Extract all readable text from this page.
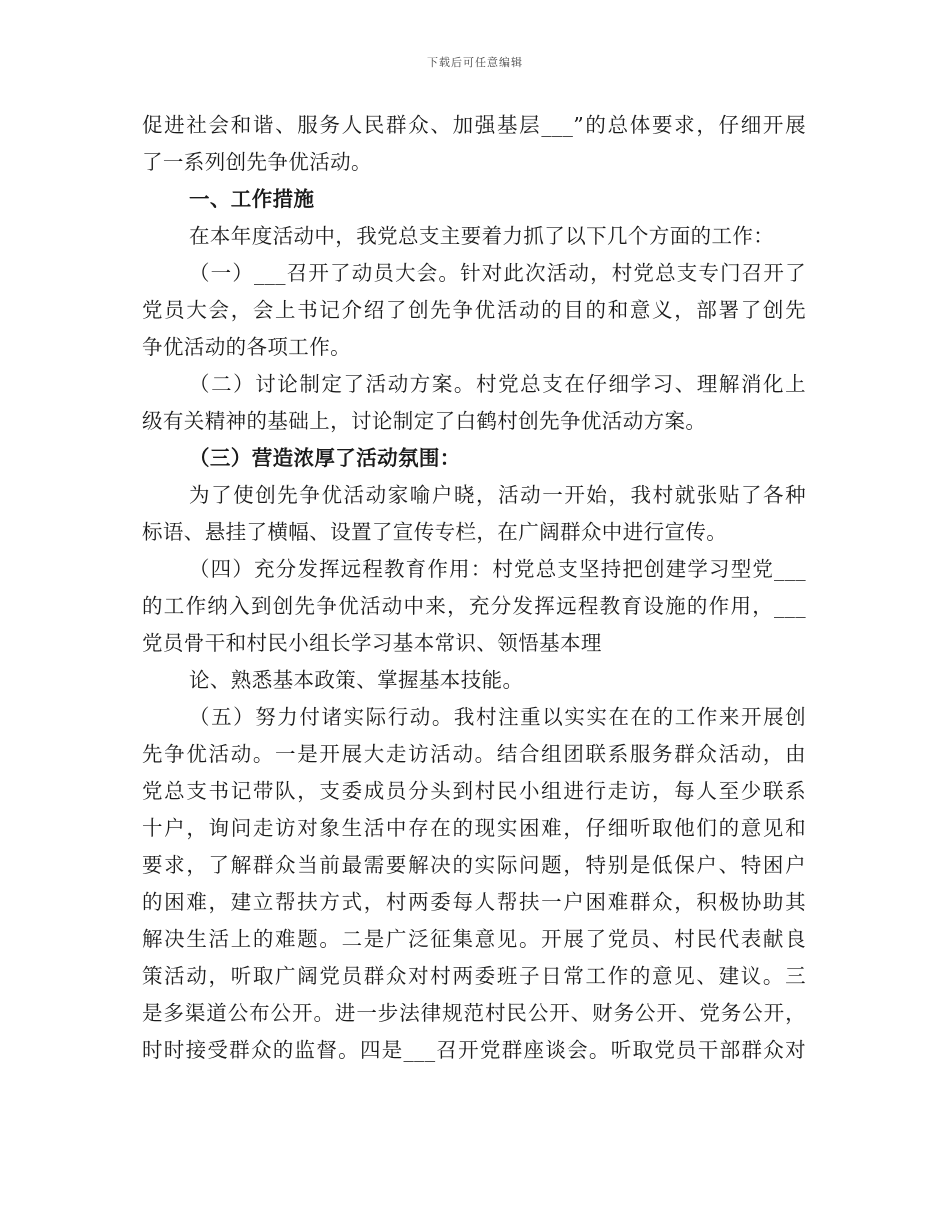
下载后可任意编辑
促进社会和谐、服务人民群众、加强基层___”的总体要求，仔细开展
了一系列创先争优活动。
一、工作措施
在本年度活动中，我党总支主要着力抓了以下几个方面的工作：
（一）___召开了动员大会。针对此次活动，村党总支专门召开了
党员大会，会上书记介绍了创先争优活动的目的和意义，部署了创先
争优活动的各项工作。
（二）讨论制定了活动方案。村党总支在仔细学习、理解消化上
级有关精神的基础上，讨论制定了白鹤村创先争优活动方案。
（三）营造浓厚了活动氛围：
为了使创先争优活动家喻户晓，活动一开始，我村就张贴了各种
标语、悬挂了横幅、设置了宣传专栏，在广阔群众中进行宣传。
（四）充分发挥远程教育作用：村党总支坚持把创建学习型党___
的工作纳入到创先争优活动中来，充分发挥远程教育设施的作用，___
党员骨干和村民小组长学习基本常识、领悟基本理
论、熟悉基本政策、掌握基本技能。
（五）努力付诸实际行动。我村注重以实实在在的工作来开展创
先争优活动。一是开展大走访活动。结合组团联系服务群众活动，由
党总支书记带队，支委成员分头到村民小组进行走访，每人至少联系
十户，询问走访对象生活中存在的现实困难，仔细听取他们的意见和
要求，了解群众当前最需要解决的实际问题，特别是低保户、特困户
的困难，建立帮扶方式，村两委每人帮扶一户困难群众，积极协助其
解决生活上的难题。二是广泛征集意见。开展了党员、村民代表献良
策活动，听取广阔党员群众对村两委班子日常工作的意见、建议。三
是多渠道公布公开。进一步法律规范村民公开、财务公开、党务公开，
时时接受群众的监督。四是___召开党群座谈会。听取党员干部群众对
